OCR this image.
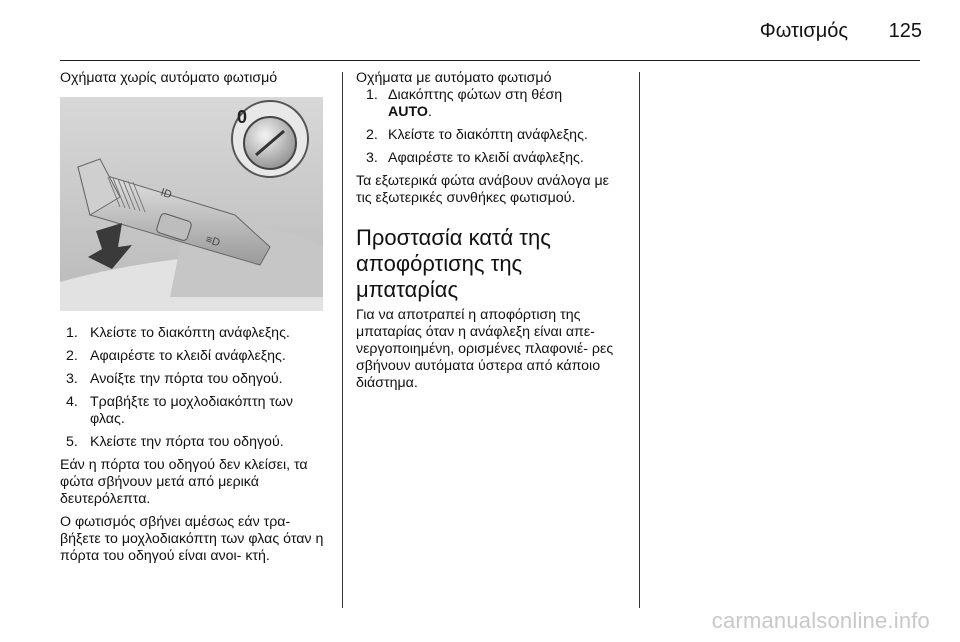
Φωτισμός 125
Οχήματα χωρίς αυτόματο φωτισμό
ID
≡D
0
1. Κλείστε το διακόπτη ανάφλεξης.
2. Αφαιρέστε το κλειδί ανάφλεξης.
3. Ανοίξτε την πόρτα του οδηγού.
4. Τραβήξτε το μοχλοδιακόπτη των φλας.
5. Κλείστε την πόρτα του οδηγού.

Εάν η πόρτα του οδηγού δεν κλείσει, τα φώτα σβήνουν μετά από μερικά δευτερόλεπτα.

Ο φωτισμός σβήνει αμέσως εάν τρα- βήξετε το μοχλοδιακόπτη των φλας όταν η πόρτα του οδηγού είναι ανοι- κτή.

Οχήματα με αυτόματο φωτισμό
1. Διακόπτης φώτων στη θέση
AUTO.
2. Κλείστε το διακόπτη ανάφλεξης.
3. Αφαιρέστε το κλειδί ανάφλεξης.

Τα εξωτερικά φώτα ανάβουν ανάλογα με τις εξωτερικές συνθήκες φωτισμού.

Προστασία κατά της αποφόρτισης της μπαταρίας

Για να αποτραπεί η αποφόρτιση της μπαταρίας όταν η ανάφλεξη είναι απε- νεργοποιημένη, ορισμένες πλαφονιέ- ρες σβήνουν αυτόματα ύστερα από κάποιο διάστημα.

carmanualsonline.info
